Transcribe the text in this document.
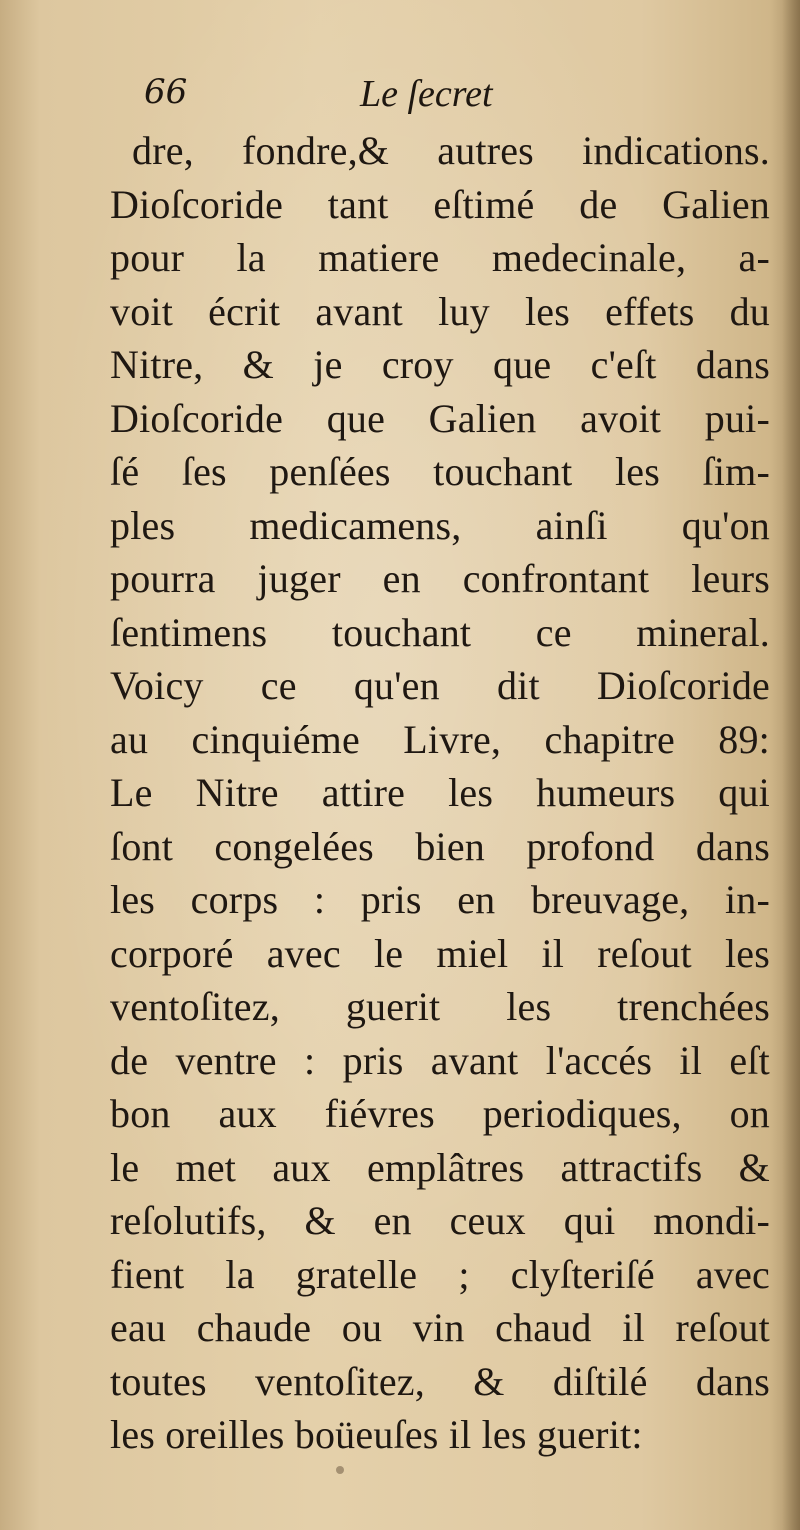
66	Le ſecret
dre, fondre,& autres indications.
Dioſcoride tant eſtimé de Galien
pour la matiere medecinale, a-
voit écrit avant luy les effets du
Nitre, & je croy que c'eſt dans
Dioſcoride que Galien avoit pui-
ſé ſes penſées touchant les ſim-
ples medicamens, ainſi qu'on
pourra juger en confrontant leurs
ſentimens touchant ce mineral.
Voicy ce qu'en dit Dioſcoride
au cinquiéme Livre, chapitre 89:
Le Nitre attire les humeurs qui
ſont congelées bien profond dans
les corps : pris en breuvage, in-
corporé avec le miel il reſout les
ventoſitez, guerit les trenchées
de ventre : pris avant l'accés il eſt
bon aux fiévres periodiques, on
le met aux emplâtres attractifs &
reſolutifs, & en ceux qui mondi-
fient la gratelle ; clyſteriſé avec
eau chaude ou vin chaud il reſout
toutes ventoſitez, & diſtilé dans
les oreilles boüeuſes il les guerit:
